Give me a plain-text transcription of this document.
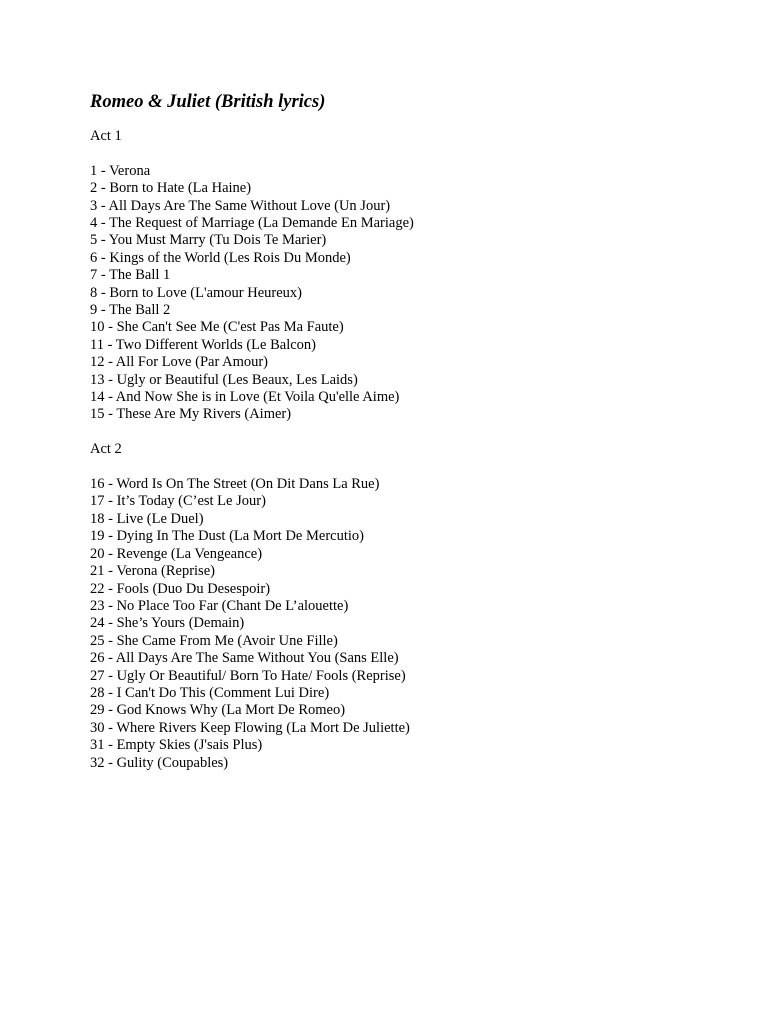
Romeo & Juliet (British lyrics)
Act 1
1 - Verona
2 - Born to Hate (La Haine)
3 - All Days Are The Same Without Love (Un Jour)
4 - The Request of Marriage (La Demande En Mariage)
5 - You Must Marry (Tu Dois Te Marier)
6 - Kings of the World (Les Rois Du Monde)
7 - The Ball 1
8 - Born to Love (L'amour Heureux)
9 - The Ball 2
10 - She Can't See Me (C'est Pas Ma Faute)
11 - Two Different Worlds (Le Balcon)
12 - All For Love (Par Amour)
13 - Ugly or Beautiful (Les Beaux, Les Laids)
14 - And Now She is in Love (Et Voila Qu'elle Aime)
15 - These Are My Rivers (Aimer)
Act 2
16 - Word Is On The Street (On Dit Dans La Rue)
17 - It’s Today (C’est Le Jour)
18 - Live (Le Duel)
19 - Dying In The Dust (La Mort De Mercutio)
20 - Revenge (La Vengeance)
21 - Verona (Reprise)
22 - Fools (Duo Du Desespoir)
23 - No Place Too Far (Chant De L’alouette)
24 - She’s Yours (Demain)
25 - She Came From Me (Avoir Une Fille)
26 - All Days Are The Same Without You (Sans Elle)
27 - Ugly Or Beautiful/ Born To Hate/ Fools (Reprise)
28 - I Can't Do This (Comment Lui Dire)
29 - God Knows Why (La Mort De Romeo)
30 - Where Rivers Keep Flowing (La Mort De Juliette)
31 - Empty Skies (J'sais Plus)
32 - Gulity (Coupables)
